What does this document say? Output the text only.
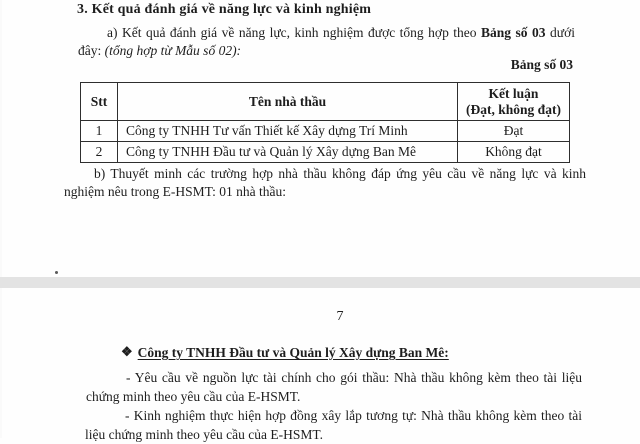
3. Kết quả đánh giá về năng lực và kinh nghiệm

a) Kết quả đánh giá về năng lực, kinh nghiệm được tổng hợp theo Bảng số 03 dưới đây: (tổng hợp từ Mẫu số 02):

Bảng số 03
Stt	Tên nhà thầu	Kết luận
(Đạt, không đạt)
1	Công ty TNHH Tư vấn Thiết kế Xây dựng Trí Minh	Đạt
2	Công ty TNHH Đầu tư và Quản lý Xây dựng Ban Mê	Không đạt

b) Thuyết minh các trường hợp nhà thầu không đáp ứng yêu cầu về năng lực và kinh nghiệm nêu trong E-HSMT: 01 nhà thầu:

7

❖ Công ty TNHH Đầu tư và Quản lý Xây dựng Ban Mê:

- Yêu cầu về nguồn lực tài chính cho gói thầu: Nhà thầu không kèm theo tài liệu chứng minh theo yêu cầu của E-HSMT.

- Kinh nghiệm thực hiện hợp đồng xây lắp tương tự: Nhà thầu không kèm theo tài liệu chứng minh theo yêu cầu của E-HSMT.
